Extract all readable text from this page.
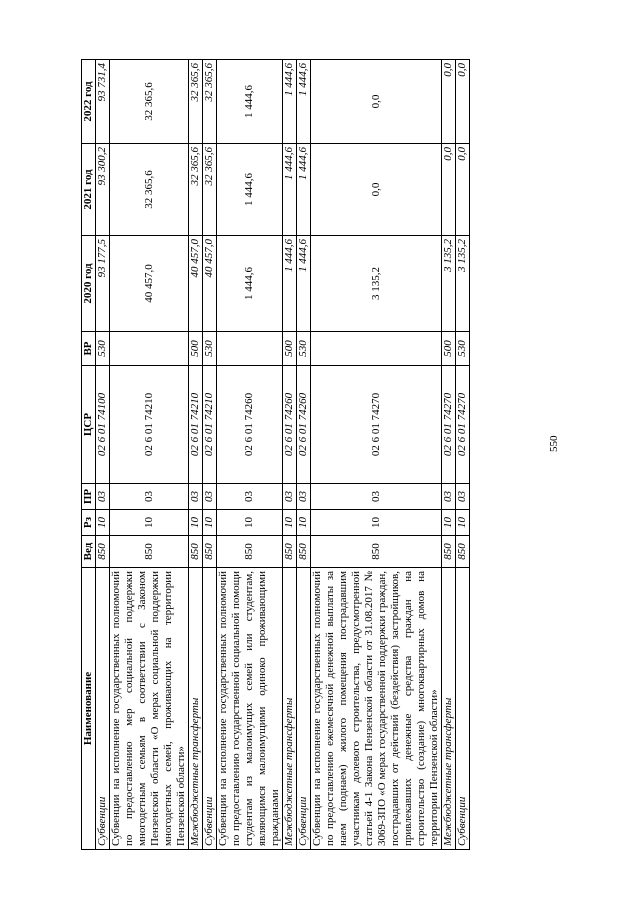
550
Наименование	Вед	Рз	ПР	ЦСР	ВР	2020 год	2021 год	2022 год
Субвенции	850	10	03	02 6 01 74100	530	93 177,5	93 300,2	93 731,4
Субвенции на исполнение государственных полномочий по предоставлению мер социальной поддержки многодетным семьям в соответствии с Законом Пензенской области «О мерах социальной поддержки многодетных семей, проживающих на территории Пензенской области»	850	10	03	02 6 01 74210		40 457,0	32 365,6	32 365,6
Межбюджетные трансферты	850	10	03	02 6 01 74210	500	40 457,0	32 365,6	32 365,6
Субвенции	850	10	03	02 6 01 74210	530	40 457,0	32 365,6	32 365,6
Субвенции на исполнение государственных полномочий по предоставлению государственной социальной помощи студентам из малоимущих семей или студентам, являющимся малоимущими одиноко проживающими гражданами	850	10	03	02 6 01 74260		1 444,6	1 444,6	1 444,6
Межбюджетные трансферты	850	10	03	02 6 01 74260	500	1 444,6	1 444,6	1 444,6
Субвенции	850	10	03	02 6 01 74260	530	1 444,6	1 444,6	1 444,6
Субвенции на исполнение государственных полномочий по предоставлению ежемесячной денежной выплаты за наем (поднаем) жилого помещения пострадавшим участникам долевого строительства, предусмотренной статьей 4-1 Закона Пензенской области от 31.08.2017 № 3069-ЗПО «О мерах государственной поддержки граждан, пострадавших от действий (бездействия) застройщиков, привлекавших денежные средства граждан на строительство (создание) многоквартирных домов на территории Пензенской области»	850	10	03	02 6 01 74270		3 135,2	0,0	0,0
Межбюджетные трансферты	850	10	03	02 6 01 74270	500	3 135,2	0,0	0,0
Субвенции	850	10	03	02 6 01 74270	530	3 135,2	0,0	0,0
